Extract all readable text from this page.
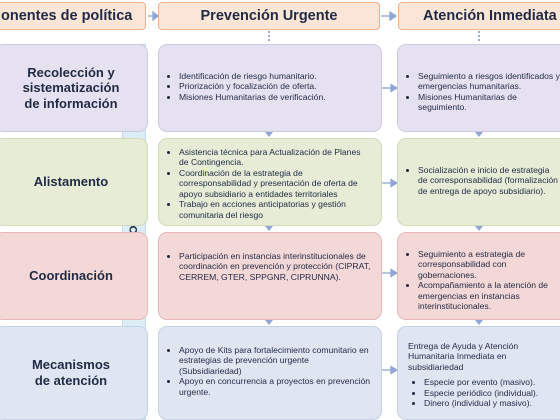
onentes de política	Prevención Urgente	Atención Inmediata
Recolección y
sistematización
de información
• Identificación de riesgo humanitario.
• Priorización y focalización de oferta.
• Misiones Humanitarias de verificación.
• Seguimiento a riesgos identificados y emergencias humanitarias.
• Misiones Humanitarias de seguimiento.
Alistamento
• Asistencia técnica para Actualización de Planes de Contingencia.
• Coordinación de la estrategia de corresponsabilidad y presentación de oferta de apoyo subsidiario a entidades territoriales
• Trabajo en acciones anticipatorias y gestión comunitaria del riesgo
• Socialización e inicio de estrategia de corresponsabilidad (formalización de entrega de apoyo subsidiario).
Coordinación
• Participación en instancias interinstitucionales de coordinación en prevención y protección (CIPRAT, CERREM, GTER, SPPGNR, CIPRUNNA).
• Seguimiento a estrategia de corresponsabilidad con gobernaciones.
• Acompañamiento a la atención de emergencias en instancias interinstitucionales.
Mecanismos
de atención
• Apoyo de Kits para fortalecimiento comunitario en estrategias de prevención urgente (Subsidiariedad)
• Apoyo en concurrencia a proyectos en prevención urgente.

Entrega de Ayuda y Atención Humanitaria Inmediata en subsidiariedad

• Especie por evento (masivo).
• Especie periódico (individual).
• Dinero (individual y masivo).
